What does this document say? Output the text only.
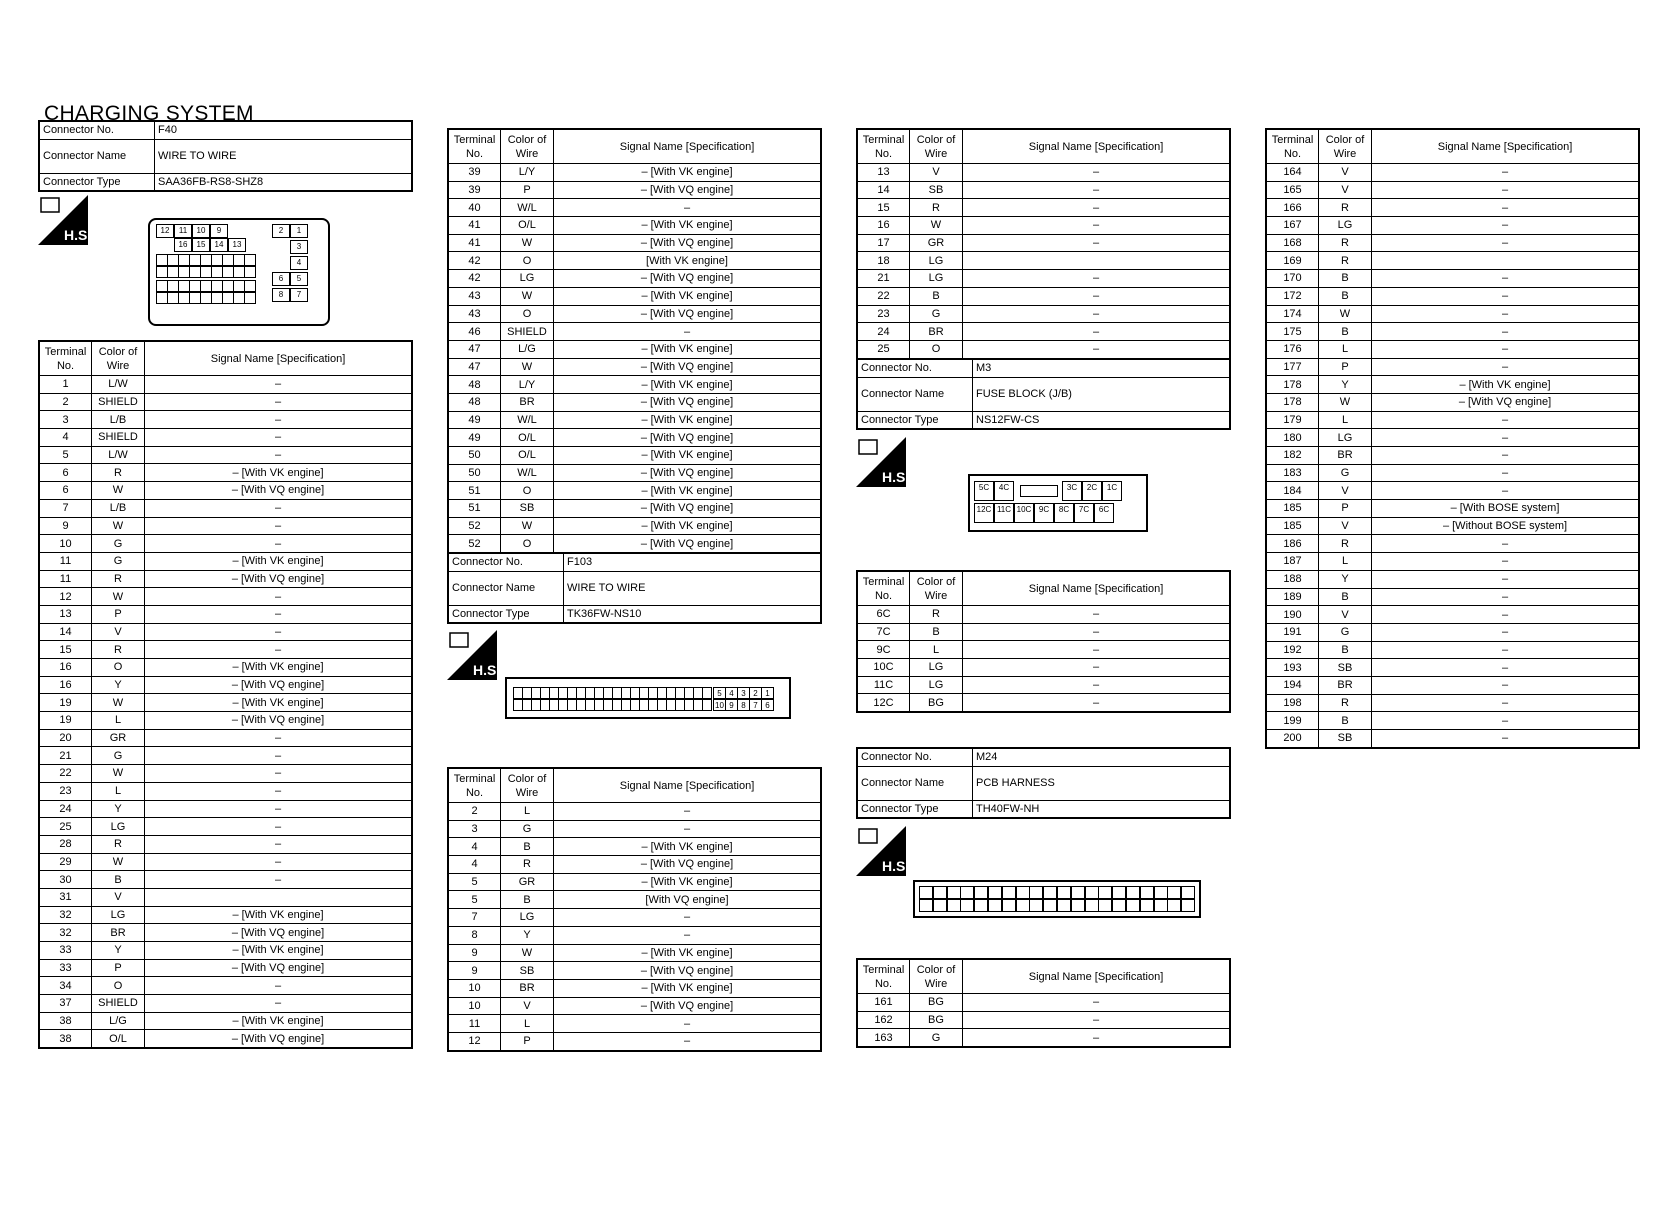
CHARGING SYSTEM
Connector No.	F40
Connector Name	WIRE TO WIRE
Connector Type	SAA36FB-RS8-SHZ8
H.S.	12	11	10	9
16	15	14	13
2	1
3
4
6	5
8	7
Terminal No.	Color of Wire	Signal Name [Specification]
1	L/W	–
2	SHIELD	–
3	L/B	–
4	SHIELD	–
5	L/W	–
6	R	– [With VK engine]
6	W	– [With VQ engine]
7	L/B	–
9	W	–
10	G	–
11	G	– [With VK engine]
11	R	– [With VQ engine]
12	W	–
13	P	–
14	V	–
15	R	–
16	O	– [With VK engine]
16	Y	– [With VQ engine]
19	W	– [With VK engine]
19	L	– [With VQ engine]
20	GR	–
21	G	–
22	W	–
23	L	–
24	Y	–
25	LG	–
28	R	–
29	W	–
30	B	–
31	V	
32	LG	– [With VK engine]
32	BR	– [With VQ engine]
33	Y	– [With VK engine]
33	P	– [With VQ engine]
34	O	–
37	SHIELD	–
38	L/G	– [With VK engine]
38	O/L	– [With VQ engine]
Terminal No.	Color of Wire	Signal Name [Specification]
39	L/Y	– [With VK engine]
39	P	– [With VQ engine]
40	W/L	–
41	O/L	– [With VK engine]
41	W	– [With VQ engine]
42	O	[With VK engine]
42	LG	– [With VQ engine]
43	W	– [With VK engine]
43	O	– [With VQ engine]
46	SHIELD	–
47	L/G	– [With VK engine]
47	W	– [With VQ engine]
48	L/Y	– [With VK engine]
48	BR	– [With VQ engine]
49	W/L	– [With VK engine]
49	O/L	– [With VQ engine]
50	O/L	– [With VK engine]
50	W/L	– [With VQ engine]
51	O	– [With VK engine]
51	SB	– [With VQ engine]
52	W	– [With VK engine]
52	O	– [With VQ engine]
Connector No.	F103
Connector Name	WIRE TO WIRE
Connector Type	TK36FW-NS10
H.S.
5 4 3 2 1
10 9 8 7 6
Terminal No.	Color of Wire	Signal Name [Specification]
2	L	–
3	G	–
4	B	– [With VK engine]
4	R	– [With VQ engine]
5	GR	– [With VK engine]
5	B	[With VQ engine]
7	LG	–
8	Y	–
9	W	– [With VK engine]
9	SB	– [With VQ engine]
10	BR	– [With VK engine]
10	V	– [With VQ engine]
11	L	–
12	P	–
Terminal No.	Color of Wire	Signal Name [Specification]
13	V	–
14	SB	–
15	R	–
16	W	–
17	GR	–
18	LG	
21	LG	–
22	B	–
23	G	–
24	BR	–
25	O	–
Connector No.	M3
Connector Name	FUSE BLOCK (J/B)
Connector Type	NS12FW-CS
H.S.
5C	4C	3C	2C	1C
12C 11C 10C 9C	8C	7C	6C
Terminal No.	Color of Wire	Signal Name [Specification]
6C	R	–
7C	B	–
9C	L	–
10C	LG	–
11C	LG	–
12C	BG	–
Connector No.	M24
Connector Name	PCB HARNESS
Connector Type	TH40FW-NH
H.S.
Terminal No.	Color of Wire	Signal Name [Specification]
161	BG	–
162	BG	–
163	G	–
Terminal No.	Color of Wire	Signal Name [Specification]
164	V	–
165	V	–
166	R	–
167	LG	–
168	R	–
169	R	
170	B	–
172	B	–
174	W	–
175	B	–
176	L	–
177	P	–
178	Y	– [With VK engine]
178	W	– [With VQ engine]
179	L	–
180	LG	–
182	BR	–
183	G	–
184	V	–
185	P	– [With BOSE system]
185	V	– [Without BOSE system]
186	R	–
187	L	–
188	Y	–
189	B	–
190	V	–
191	G	–
192	B	–
193	SB	–
194	BR	–
198	R	–
199	B	–
200	SB	–
